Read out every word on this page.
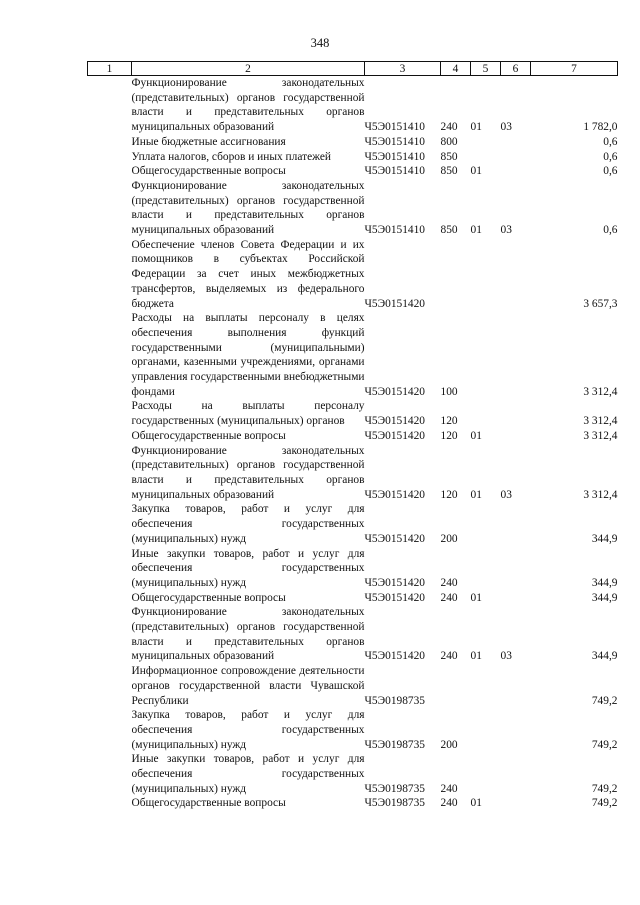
348
1	2	3	4	5	6	7
	Функционирование законодательных (представительных) органов государственной власти и представительных органов муниципальных образований	Ч5Э0151410	240	01	03	1 782,0
	Иные бюджетные ассигнования	Ч5Э0151410	800			0,6
	Уплата налогов, сборов и иных платежей	Ч5Э0151410	850			0,6
	Общегосударственные вопросы	Ч5Э0151410	850	01		0,6
	Функционирование законодательных (представительных) органов государственной власти и представительных органов муниципальных образований	Ч5Э0151410	850	01	03	0,6
	Обеспечение членов Совета Федерации и их помощников в субъектах Российской Федерации за счет иных межбюджетных трансфертов, выделяемых из федерального бюджета	Ч5Э0151420				3 657,3
	Расходы на выплаты персоналу в целях обеспечения выполнения функций государственными (муниципальными) органами, казенными учреждениями, органами управления государственными внебюджетными фондами	Ч5Э0151420	100			3 312,4
	Расходы на выплаты персоналу государственных (муниципальных) органов	Ч5Э0151420	120			3 312,4
	Общегосударственные вопросы	Ч5Э0151420	120	01		3 312,4
	Функционирование законодательных (представительных) органов государственной власти и представительных органов муниципальных образований	Ч5Э0151420	120	01	03	3 312,4
	Закупка товаров, работ и услуг для обеспечения государственных (муниципальных) нужд	Ч5Э0151420	200			344,9
	Иные закупки товаров, работ и услуг для обеспечения государственных (муниципальных) нужд	Ч5Э0151420	240			344,9
	Общегосударственные вопросы	Ч5Э0151420	240	01		344,9
	Функционирование законодательных (представительных) органов государственной власти и представительных органов муниципальных образований	Ч5Э0151420	240	01	03	344,9
	Информационное сопровождение деятельности органов государственной власти Чувашской Республики	Ч5Э0198735				749,2
	Закупка товаров, работ и услуг для обеспечения государственных (муниципальных) нужд	Ч5Э0198735	200			749,2
	Иные закупки товаров, работ и услуг для обеспечения государственных (муниципальных) нужд	Ч5Э0198735	240			749,2
	Общегосударственные вопросы	Ч5Э0198735	240	01		749,2
